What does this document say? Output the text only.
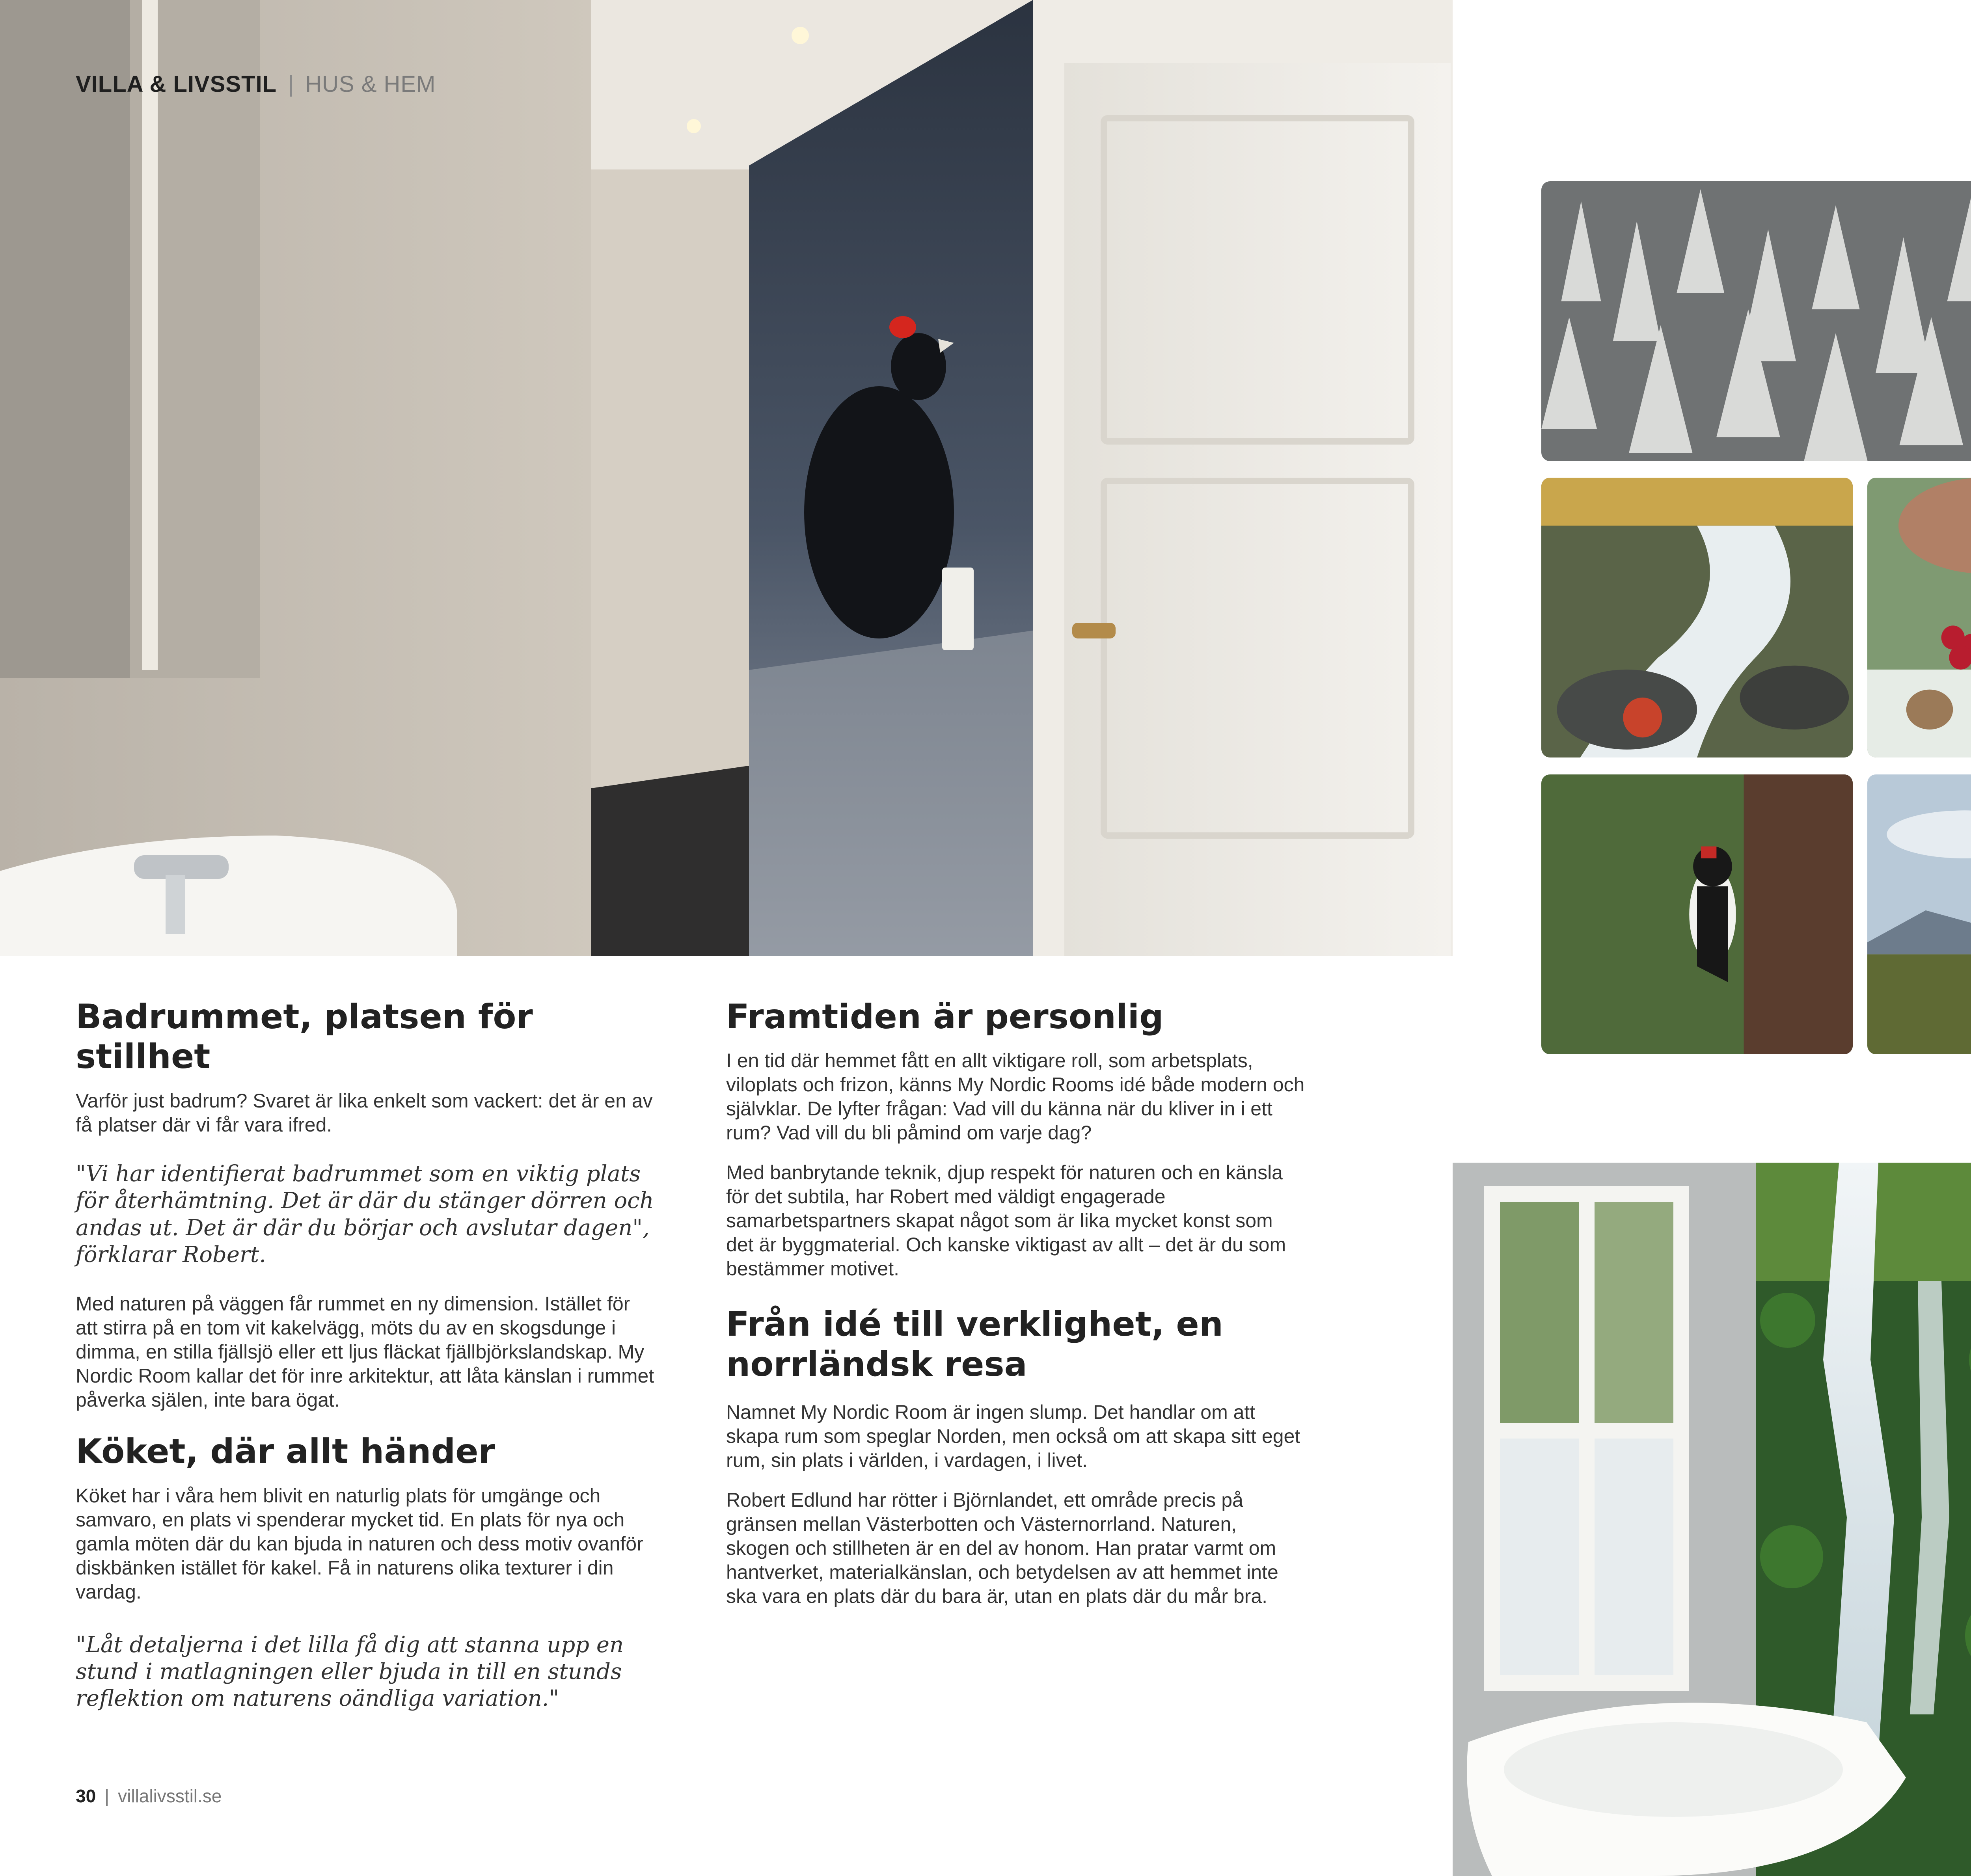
VILLA & LIVSSTIL | HUS & HEM
Badrummet, platsen för stillhet

Varför just badrum? Svaret är lika enkelt som vackert: det är en av få platser där vi får vara ifred.

"Vi har identifierat badrummet som en viktig plats för återhämtning. Det är där du stänger dörren och andas ut. Det är där du börjar och avslutar dagen", förklarar Robert.

Med naturen på väggen får rummet en ny dimension. Istället för att stirra på en tom vit kakelvägg, möts du av en skogsdunge i dimma, en stilla fjällsjö eller ett ljus fläckat fjällbjörkslandskap. My Nordic Room kallar det för inre arkitektur, att låta känslan i rummet påverka själen, inte bara ögat.

Köket, där allt händer

Köket har i våra hem blivit en naturlig plats för umgänge och samvaro, en plats vi spenderar mycket tid. En plats för nya och gamla möten där du kan bjuda in naturen och dess motiv ovanför diskbänken istället för kakel. Få in naturens olika texturer i din vardag.

"Låt detaljerna i det lilla få dig att stanna upp en stund i matlagningen eller bjuda in till en stunds reflektion om naturens oändliga variation."

Framtiden är personlig

I en tid där hemmet fått en allt viktigare roll, som arbetsplats, viloplats och frizon, känns My Nordic Rooms idé både modern och självklar. De lyfter frågan: Vad vill du känna när du kliver in i ett rum? Vad vill du bli påmind om varje dag?

Med banbrytande teknik, djup respekt för naturen och en känsla för det subtila, har Robert med väldigt engagerade samarbetspartners skapat något som är lika mycket konst som det är byggmaterial. Och kanske viktigast av allt – det är du som bestämmer motivet.

Från idé till verklighet, en norrländsk resa

Namnet My Nordic Room är ingen slump. Det handlar om att skapa rum som speglar Norden, men också om att skapa sitt eget rum, sin plats i världen, i vardagen, i livet.

Robert Edlund har rötter i Björnlandet, ett område precis på gränsen mellan Västerbotten och Västernorrland. Naturen, skogen och stillheten är en del av honom. Han pratar varmt om hantverket, materialkänslan, och betydelsen av att hemmet inte ska vara en plats där du bara är, utan en plats där du mår bra.

30 | villalivsstil.se
